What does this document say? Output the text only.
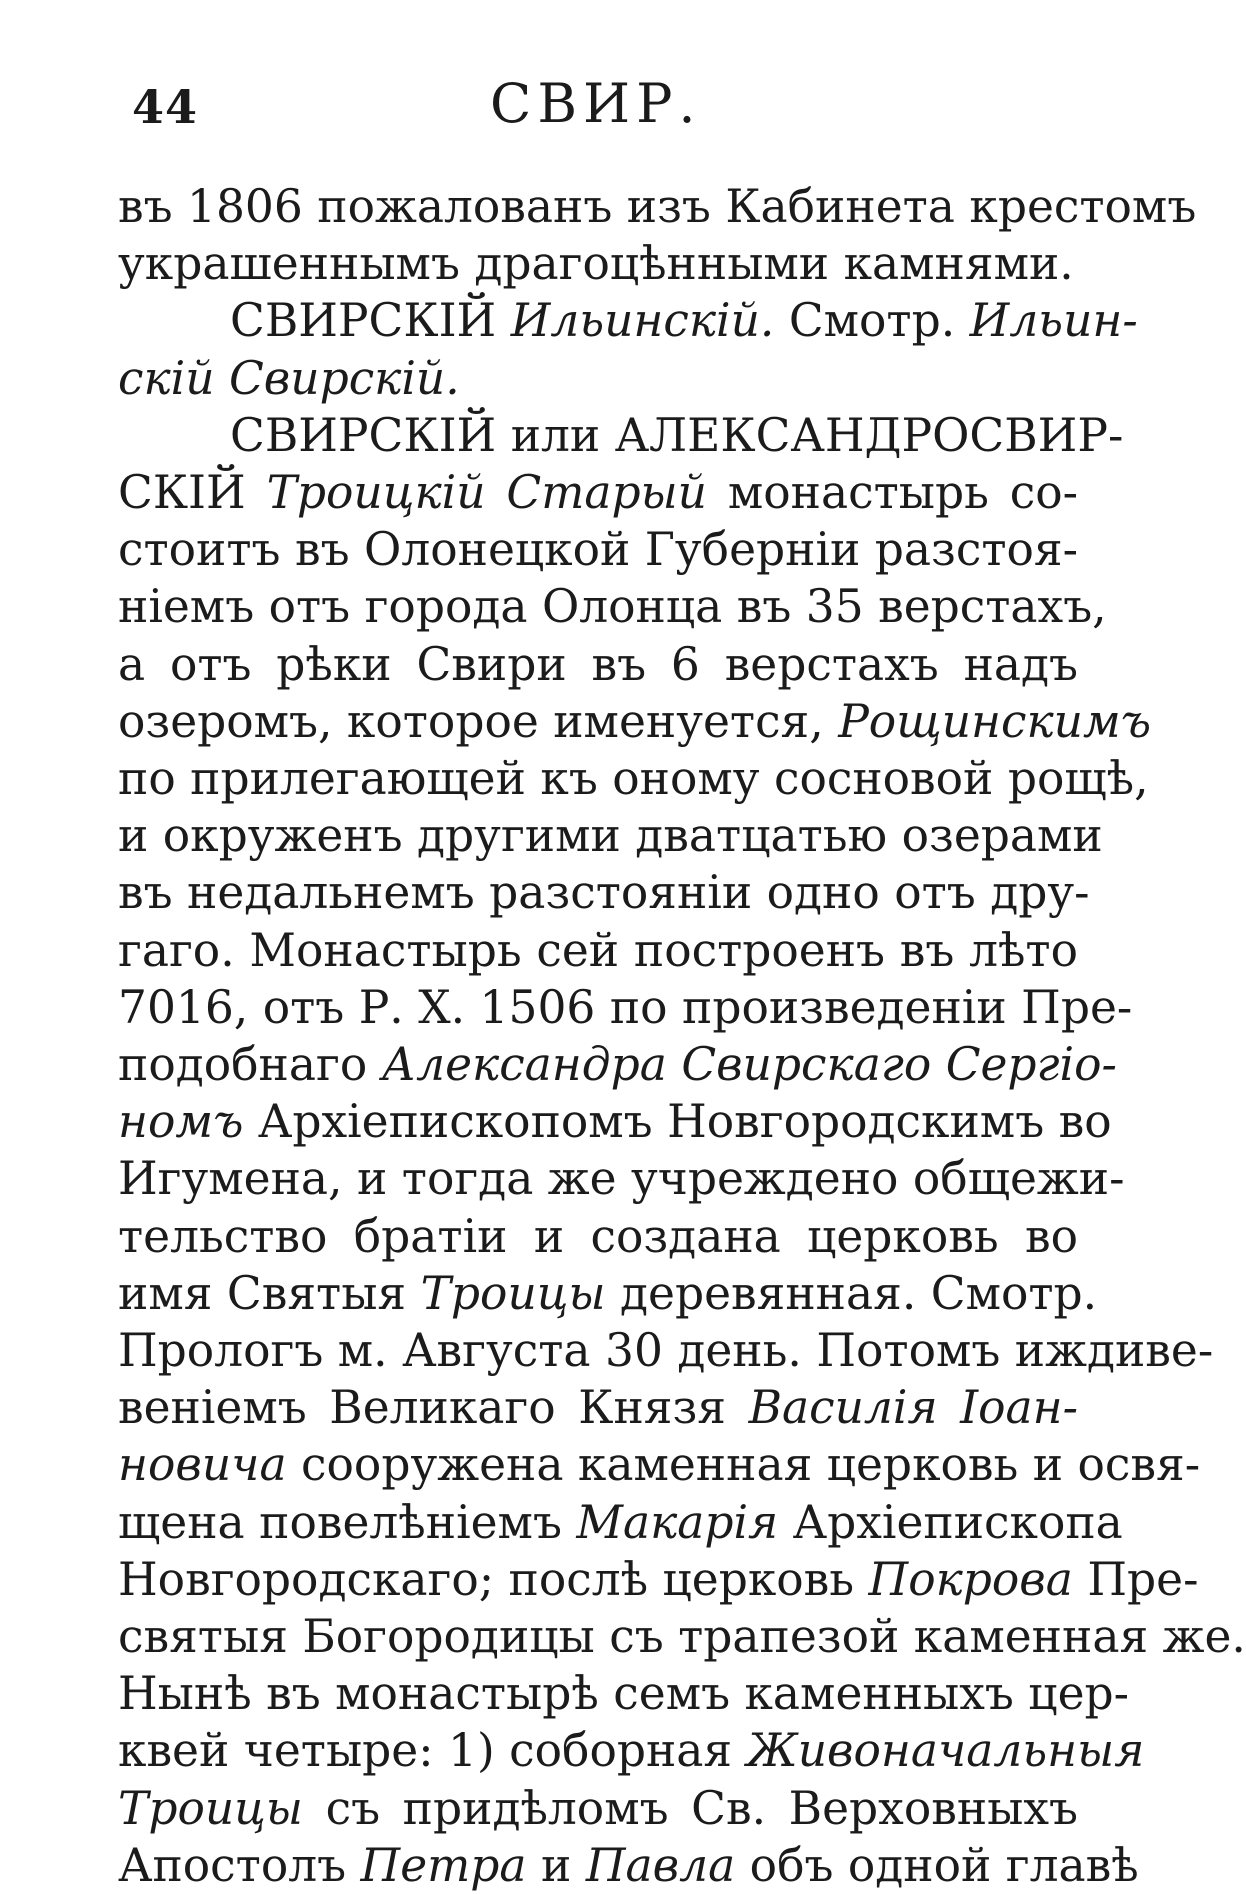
44	СВИР.
въ 1806 пожалованъ изъ Кабинета крестомъ
украшеннымъ драгоцѣнными камнями.
СВИРСКІЙ Ильинскій. Смотр. Ильин-
скій Свирскій.
СВИРСКІЙ или АЛЕКСАНДРОСВИР-
СКІЙ Троицкій Старый монастырь со-
стоитъ въ Олонецкой Губерніи разстоя-
ніемъ отъ города Олонца въ 35 верстахъ,
а отъ рѣки Свири въ 6 верстахъ надъ
озеромъ, которое именуется, Рощинскимъ
по прилегающей къ оному сосновой рощѣ,
и окруженъ другими дватцатью озерами
въ недальнемъ разстояніи одно отъ дру-
гаго. Монастырь сей построенъ въ лѣто
7016, отъ Р. Х. 1506 по произведеніи Пре-
подобнаго Александра Свирскаго Сергіо-
номъ Архіепископомъ Новгородскимъ во
Игумена, и тогда же учреждено общежи-
тельство братіи и создана церковь во
имя Святыя Троицы деревянная. Смотр.
Прологъ м. Августа 30 день. Потомъ иждиве-
веніемъ Великаго Князя Василія Іоан-
новича сооружена каменная церковь и освя-
щена повелѣніемъ Макарія Архіепископа
Новгородскаго; послѣ церковь Покрова Пре-
святыя Богородицы съ трапезой каменная же.
Нынѣ въ монастырѣ семъ каменныхъ цер-
квей четыре: 1) соборная Живоначальныя
Троицы съ придѣломъ Св. Верховныхъ
Апостолъ Петра и Павла объ одной главѣ
